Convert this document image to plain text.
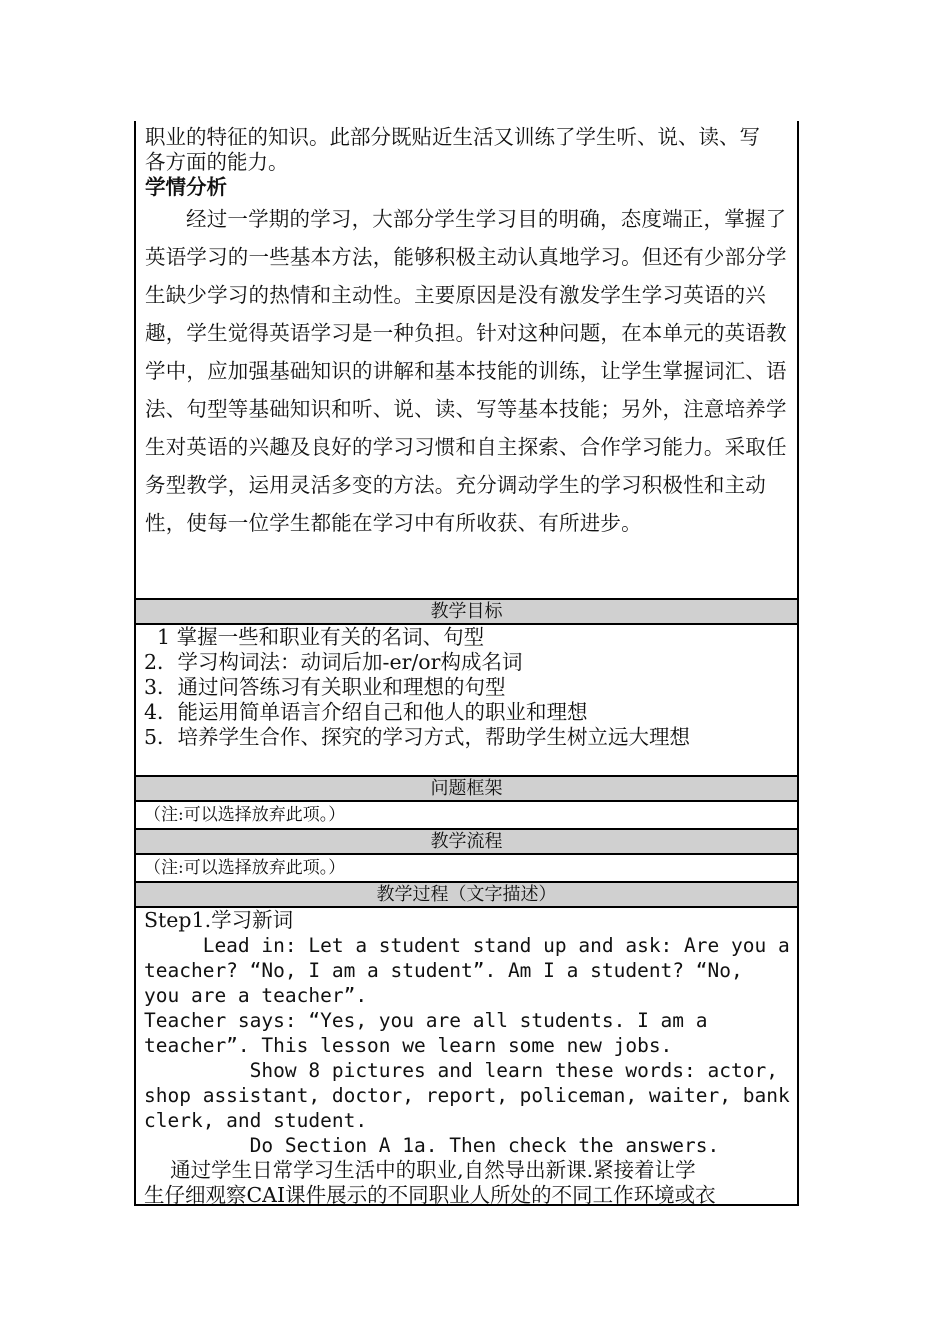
职业的特征的知识。此部分既贴近生活又训练了学生听、说、读、写

各方面的能力。

学情分析

经过一学期的学习，大部分学生学习目的明确，态度端正，掌握了英语学习的一些基本方法，能够积极主动认真地学习。但还有少部分学生缺少学习的热情和主动性。主要原因是没有激发学生学习英语的兴趣，学生觉得英语学习是一种负担。针对这种问题，在本单元的英语教学中，应加强基础知识的讲解和基本技能的训练，让学生掌握词汇、语法、句型等基础知识和听、说、读、写等基本技能；另外，注意培养学生对英语的兴趣及良好的学习习惯和自主探索、合作学习能力。采取任务型教学，运用灵活多变的方法。充分调动学生的学习积极性和主动性，使每一位学生都能在学习中有所收获、有所进步。

教学目标

1 掌握一些和职业有关的名词、句型

2．学习构词法：动词后加-er/or构成名词

3．通过问答练习有关职业和理想的句型

4．能运用简单语言介绍自己和他人的职业和理想

5．培养学生合作、探究的学习方式，帮助学生树立远大理想

问题框架
（注:可以选择放弃此项。）
教学流程
（注:可以选择放弃此项。）
教学过程（文字描述）

Step1.学习新词

Lead in: Let a student stand up and ask: Are you a

teacher? “No, I am a student”. Am I a student? “No,

you are a teacher”.

Teacher says: “Yes, you are all students. I am a

teacher”. This lesson we learn some new jobs.

Show 8 pictures and learn these words: actor,

shop assistant, doctor, report, policeman, waiter, bank

clerk, and student.

Do Section A 1a. Then check the answers.

通过学生日常学习生活中的职业,自然导出新课.紧接着让学

生仔细观察CAI课件展示的不同职业人所处的不同工作环境或衣
